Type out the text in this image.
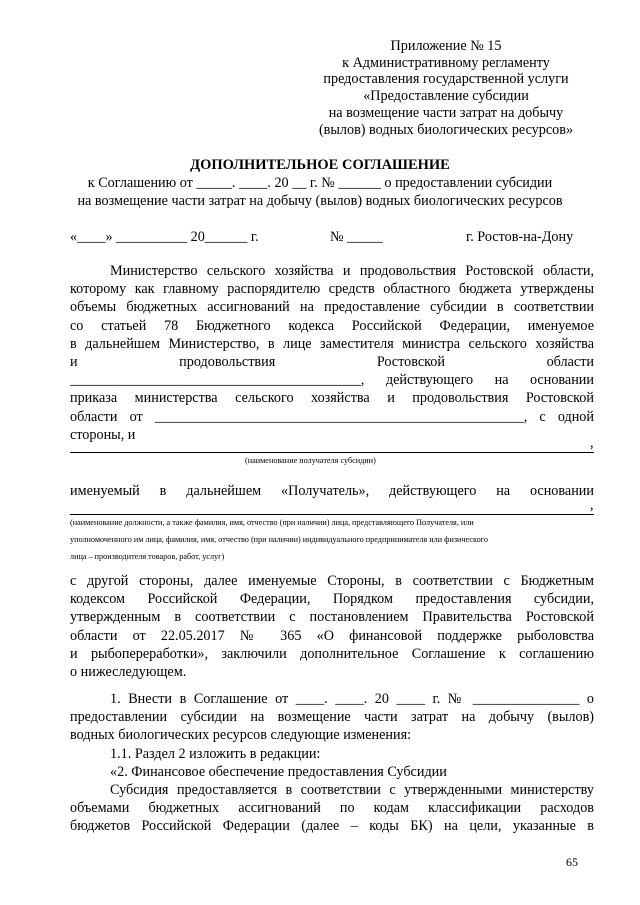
Приложение № 15
к Административному регламенту
предоставления государственной услуги
«Предоставление субсидии
на возмещение части затрат на добычу
(вылов) водных биологических ресурсов»
ДОПОЛНИТЕЛЬНОЕ СОГЛАШЕНИЕ
к Соглашению от _____. ____. 20 __ г. № ______ о предоставлении субсидии
на возмещение части затрат на добычу (вылов) водных биологических ресурсов
«____» __________ 20______ г.	№ _____	г. Ростов-на-Дону
Министерство сельского хозяйства и продовольствия Ростовской области,
которому как главному распорядителю средств областного бюджета утверждены
объемы бюджетных ассигнований на предоставление субсидии в соответствии
со статьей 78 Бюджетного кодекса Российской Федерации, именуемое
в дальнейшем Министерство, в лице заместителя министра сельского хозяйства
и продовольствия Ростовской области
_________________________________________, действующего на основании
приказа министерства сельского хозяйства и продовольствия Ростовской
области от ____________________________________________________, с одной
стороны, и
,
(наименование получателя субсидии)
именуемый в дальнейшем «Получатель», действующего на основании
,
(наименование должности, а также фамилия, имя, отчество (при наличии) лица, представляющего Получателя, или
уполномоченного им лица, фамилия, имя, отчество (при наличии) индивидуального предпринимателя или физического
лица – производителя товаров, работ, услуг)
с другой стороны, далее именуемые Стороны, в соответствии с Бюджетным
кодексом Российской Федерации, Порядком предоставления субсидии,
утвержденным в соответствии с постановлением Правительства Ростовской
области от 22.05.2017 № 365 «О финансовой поддержке рыболовства
и рыбопереработки», заключили дополнительное Соглашение к соглашению
о нижеследующем.
1. Внести в Соглашение от ____. ____. 20 ____ г. № _______________ о
предоставлении субсидии на возмещение части затрат на добычу (вылов)
водных биологических ресурсов следующие изменения:
1.1. Раздел 2 изложить в редакции:
«2. Финансовое обеспечение предоставления Субсидии
Субсидия предоставляется в соответствии с утвержденными министерству
объемами бюджетных ассигнований по кодам классификации расходов
бюджетов Российской Федерации (далее – коды БК) на цели, указанные в
65
